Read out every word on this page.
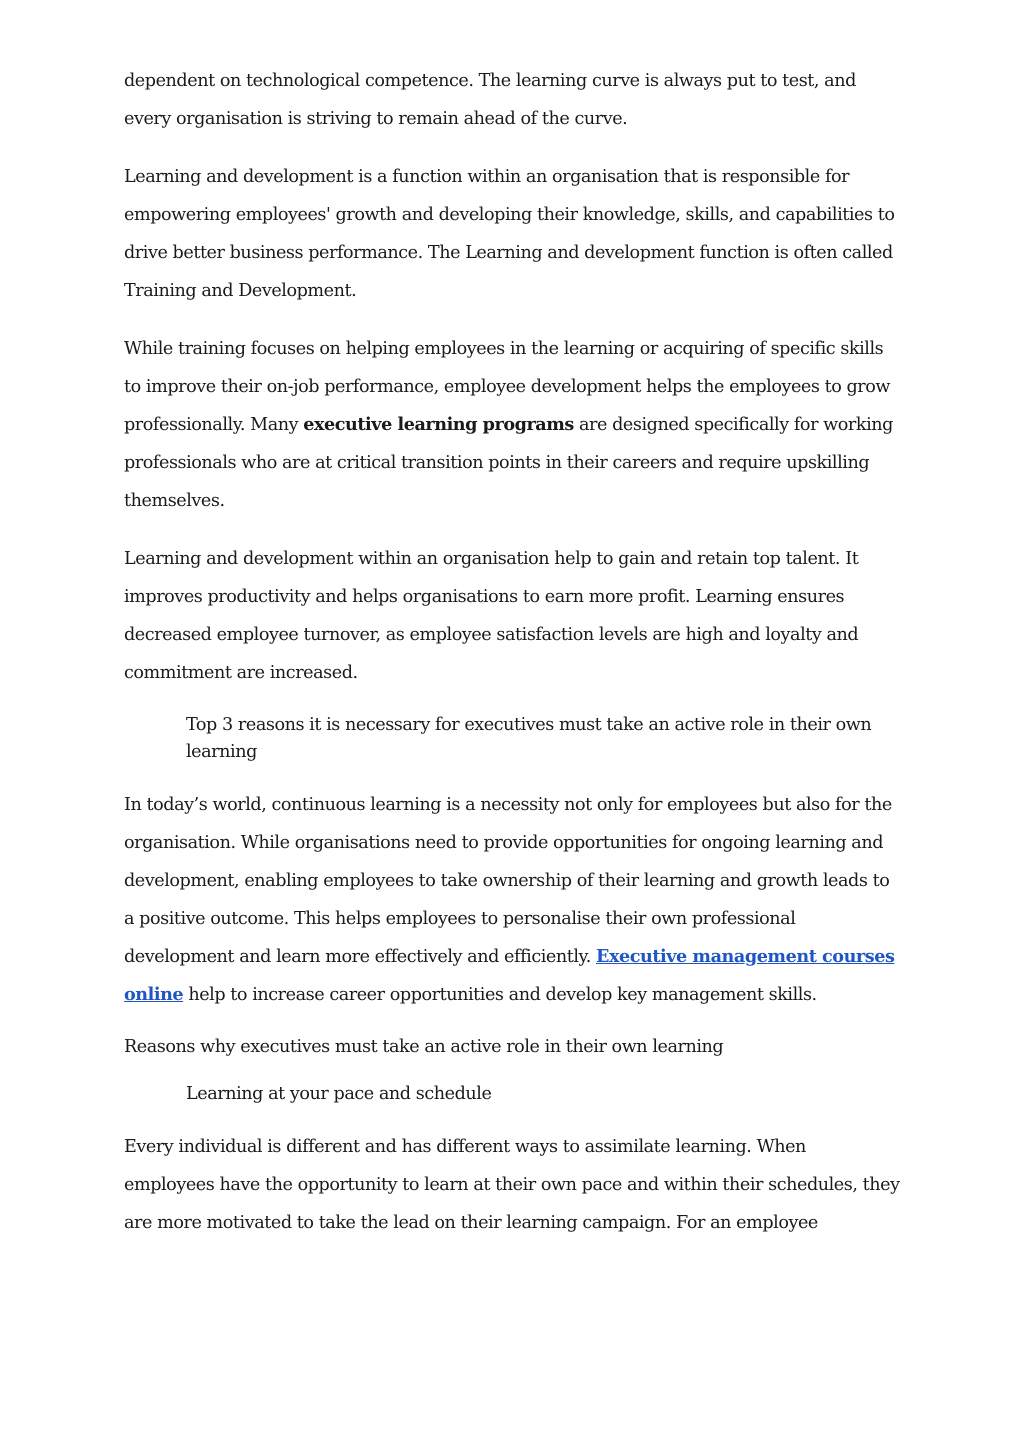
dependent on technological competence. The learning curve is always put to test, and every organisation is striving to remain ahead of the curve.

Learning and development is a function within an organisation that is responsible for empowering employees' growth and developing their knowledge, skills, and capabilities to drive better business performance. The Learning and development function is often called Training and Development.

While training focuses on helping employees in the learning or acquiring of specific skills to improve their on-job performance, employee development helps the employees to grow professionally. Many executive learning programs are designed specifically for working professionals who are at critical transition points in their careers and require upskilling themselves.

Learning and development within an organisation help to gain and retain top talent. It improves productivity and helps organisations to earn more profit. Learning ensures decreased employee turnover, as employee satisfaction levels are high and loyalty and commitment are increased.

Top 3 reasons it is necessary for executives must take an active role in their own learning

In today’s world, continuous learning is a necessity not only for employees but also for the organisation. While organisations need to provide opportunities for ongoing learning and development, enabling employees to take ownership of their learning and growth leads to a positive outcome. This helps employees to personalise their own professional development and learn more effectively and efficiently. Executive management courses online help to increase career opportunities and develop key management skills.

Reasons why executives must take an active role in their own learning

Learning at your pace and schedule

Every individual is different and has different ways to assimilate learning. When employees have the opportunity to learn at their own pace and within their schedules, they are more motivated to take the lead on their learning campaign. For an employee
